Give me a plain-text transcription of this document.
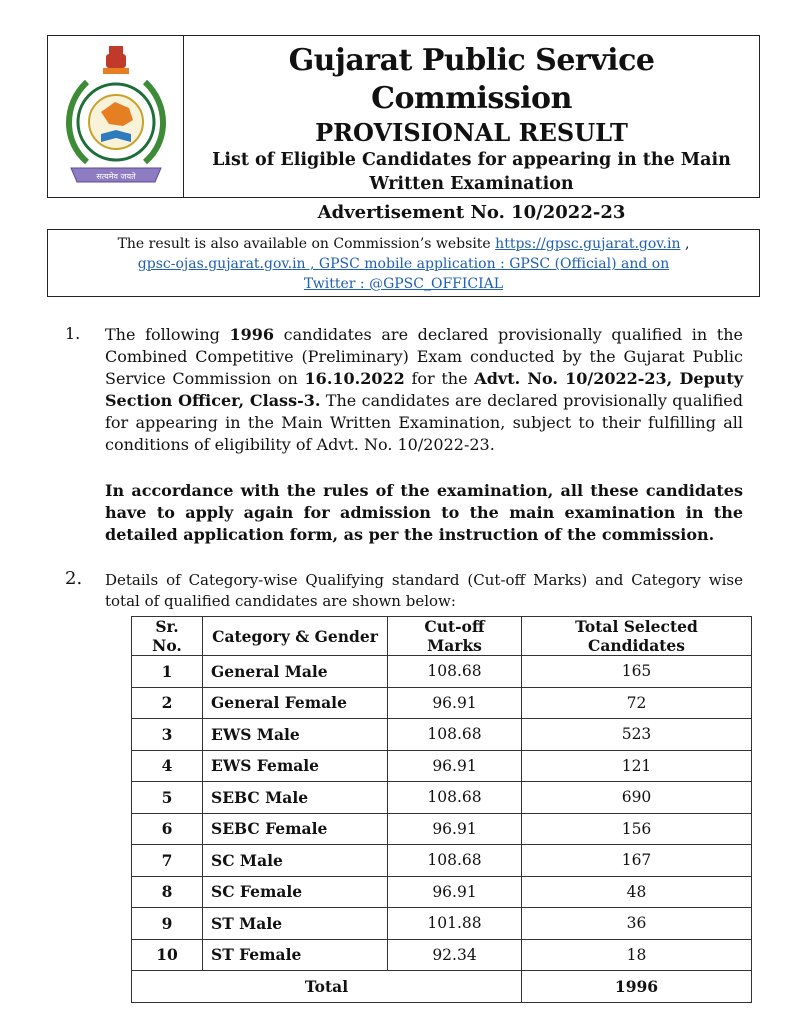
सत्यमेव जयते
Gujarat Public Service Commission
PROVISIONAL RESULT
List of Eligible Candidates for appearing in the Main
Written Examination
Advertisement No. 10/2022-23
The result is also available on Commission’s website https://gpsc.gujarat.gov.in ,
gpsc-ojas.gujarat.gov.in , GPSC mobile application : GPSC (Official) and on
Twitter : @GPSC_OFFICIAL
1. The following 1996 candidates are declared provisionally qualified in the Combined Competitive (Preliminary) Exam conducted by the Gujarat Public Service Commission on 16.10.2022 for the Advt. No. 10/2022-23, Deputy Section Officer, Class-3. The candidates are declared provisionally qualified for appearing in the Main Written Examination, subject to their fulfilling all conditions of eligibility of Advt. No. 10/2022-23.
In accordance with the rules of the examination, all these candidates have to apply again for admission to the main examination in the detailed application form, as per the instruction of the commission.
2. Details of Category-wise Qualifying standard (Cut-off Marks) and Category wise total of qualified candidates are shown below:
Sr. No.	Category & Gender	Cut-off Marks	Total Selected Candidates
1	General Male	108.68	165
2	General Female	96.91	72
3	EWS Male	108.68	523
4	EWS Female	96.91	121
5	SEBC Male	108.68	690
6	SEBC Female	96.91	156
7	SC Male	108.68	167
8	SC Female	96.91	48
9	ST Male	101.88	36
10	ST Female	92.34	18
Total			1996
